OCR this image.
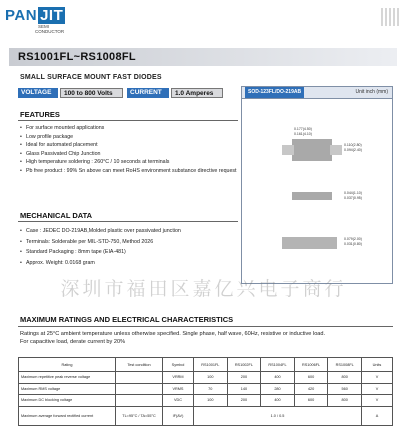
PAN JIT
SEMI
CONDUCTOR
RS1001FL~RS1008FL
SMALL SURFACE MOUNT FAST DIODES
VOLTAGE	100 to 800 Volts	CURRENT	1.0 Amperes
FEATURES
• For surface mounted applications
• Low profile package
• Ideal for automated placement
• Glass Passivated Chip Junction
• High temperature soldering : 260°C / 10 seconds at terminals
• Pb free product : 99% Sn above can meet RoHS environment substance directive request
MECHANICAL DATA
• Case : JEDEC DO-219AB,Molded plastic over passivated junction
• Terminals: Solderable per MIL-STD-750, Method 2026
• Standard Packaging : 8mm tape (EIA-481)
• Approx. Weight: 0.0168 gram
SOD-123FL/DO-219AB	Unit inch (mm)
0.177(4.50)
0.161(4.10)
0.110(2.80)
0.094(2.40)
0.044(1.10)
0.037(0.95)
0.079(2.00)
0.031(0.80)
深圳市福田区嘉亿兴电子商行
MAXIMUM RATINGS AND ELECTRICAL CHARACTERISTICS
Ratings at 25°C ambient temperature unless otherwise specified. Single phase, half wave, 60Hz, resistive or inductive load.
For capacitive load, derate current by 20%
Rating	Test condition	Symbol	RS1001FL	RS1002FL	RS1004FL	RS1006FL	RS1008FL	Units
Maximum repetitive peak reverse voltage		VRRM	100	200	400	600	800	V
Maximum RMS voltage		VRMS	70	140	280	420	560	V
Maximum DC blocking voltage		VDC	100	200	400	600	800	V
Maximum average forward rectified current	TL=95°C / TA=55°C	IF(AV)	1.0 / 0.5					A
